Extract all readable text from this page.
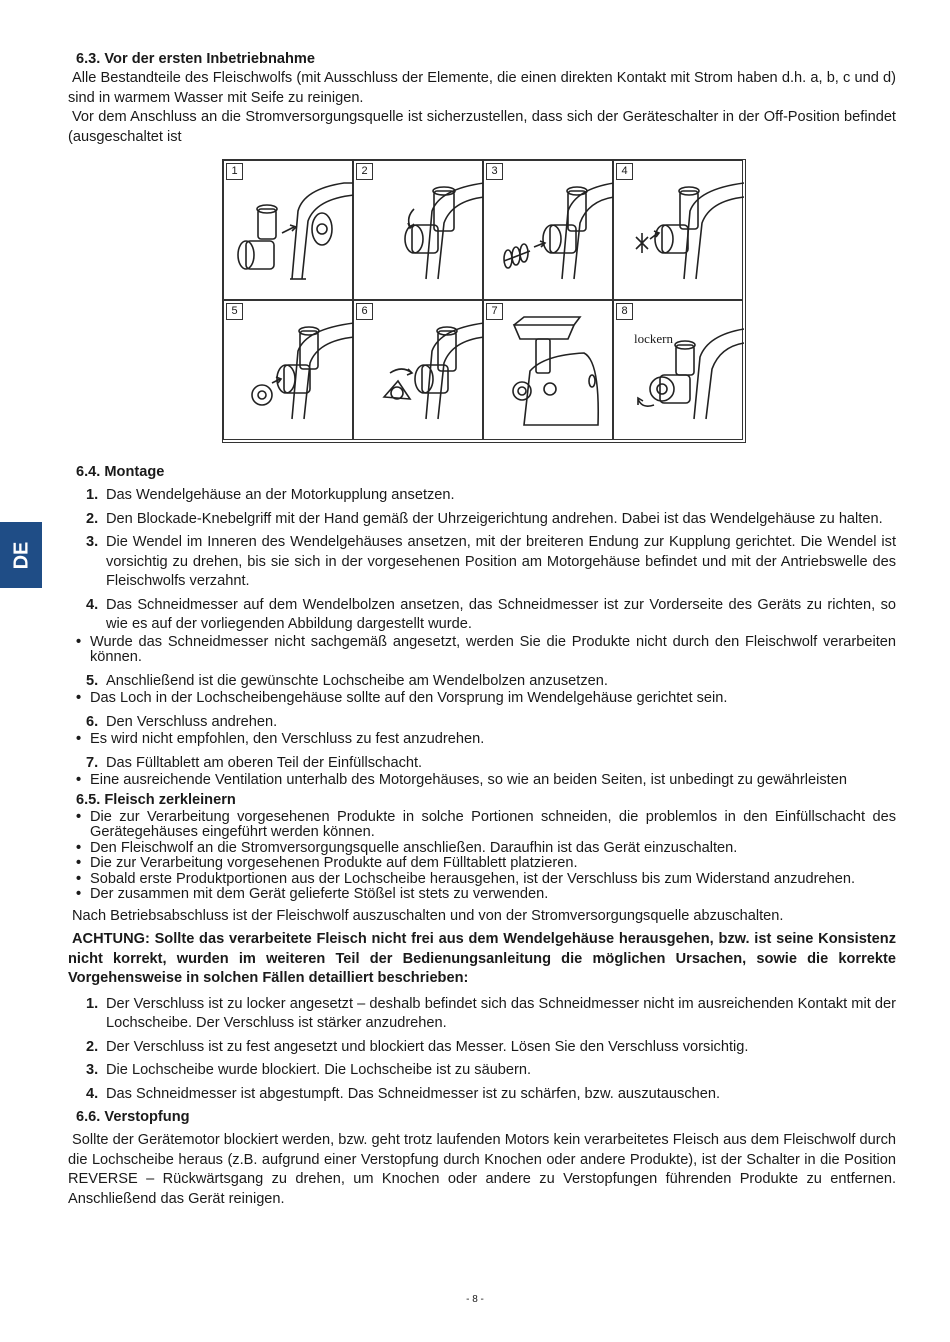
DE
6.3. Vor der ersten Inbetriebnahme

Alle Bestandteile des Fleischwolfs (mit Ausschluss der Elemente, die einen direkten Kontakt mit Strom haben d.h. a, b, c und d) sind in warmem Wasser mit Seife zu reinigen.

Vor dem Anschluss an die Stromversorgungsquelle ist sicherzustellen, dass sich der Geräteschalter in der Off-Position befindet (ausgeschaltet ist

1	2	3	4
5	6	7	8
lockern
6.4. Montage
1. Das Wendelgehäuse an der Motorkupplung ansetzen.
2. Den Blockade-Knebelgriff mit der Hand gemäß der Uhrzeigerichtung andrehen. Dabei ist das Wendelgehäuse zu halten.
3. Die Wendel im Inneren des Wendelgehäuses ansetzen, mit der breiteren Endung zur Kupplung gerichtet. Die Wendel ist vorsichtig zu drehen, bis sie sich in der vorgesehenen Position am Motorgehäuse befindet und mit der Antriebswelle des Fleischwolfs verzahnt.
4. Das Schneidmesser auf dem Wendelbolzen ansetzen, das Schneidmesser ist zur Vorderseite des Geräts zu richten, so wie es auf der vorliegenden Abbildung dargestellt wurde.
• Wurde das Schneidmesser nicht sachgemäß angesetzt, werden Sie die Produkte nicht durch den Fleischwolf verarbeiten können.
5. Anschließend ist die gewünschte Lochscheibe am Wendelbolzen anzusetzen.
• Das Loch in der Lochscheibengehäuse sollte auf den Vorsprung im Wendelgehäuse gerichtet sein.
6. Den Verschluss andrehen.
• Es wird nicht empfohlen, den Verschluss zu fest anzudrehen.
7. Das Fülltablett am oberen Teil der Einfüllschacht.
• Eine ausreichende Ventilation unterhalb des Motorgehäuses, so wie an beiden Seiten, ist unbedingt zu gewährleisten
6.5. Fleisch zerkleinern
• Die zur Verarbeitung vorgesehenen Produkte in solche Portionen schneiden, die problemlos in den Einfüllschacht des Gerätegehäuses eingeführt werden können.
• Den Fleischwolf an die Stromversorgungsquelle anschließen. Daraufhin ist das Gerät einzuschalten.
• Die zur Verarbeitung vorgesehenen Produkte auf dem Fülltablett platzieren.
• Sobald erste Produktportionen aus der Lochscheibe herausgehen, ist der Verschluss bis zum Widerstand anzudrehen.
• Der zusammen mit dem Gerät gelieferte Stößel ist stets zu verwenden.

Nach Betriebsabschluss ist der Fleischwolf auszuschalten und von der Stromversorgungsquelle abzuschalten.

ACHTUNG: Sollte das verarbeitete Fleisch nicht frei aus dem Wendelgehäuse herausgehen, bzw. ist seine Konsistenz nicht korrekt, wurden im weiteren Teil der Bedienungsanleitung die möglichen Ursachen, sowie die korrekte Vorgehensweise in solchen Fällen detailliert beschrieben:

1. Der Verschluss ist zu locker angesetzt – deshalb befindet sich das Schneidmesser nicht im ausreichenden Kontakt mit der Lochscheibe. Der Verschluss ist stärker anzudrehen.
2. Der Verschluss ist zu fest angesetzt und blockiert das Messer. Lösen Sie den Verschluss vorsichtig.
3. Die Lochscheibe wurde blockiert. Die Lochscheibe ist zu säubern.
4. Das Schneidmesser ist abgestumpft. Das Schneidmesser ist zu schärfen, bzw. auszutauschen.
6.6. Verstopfung

Sollte der Gerätemotor blockiert werden, bzw. geht trotz laufenden Motors kein verarbeitetes Fleisch aus dem Fleischwolf durch die Lochscheibe heraus (z.B. aufgrund einer Verstopfung durch Knochen oder andere Produkte), ist der Schalter in die Position REVERSE – Rückwärtsgang zu drehen, um Knochen oder andere zu Verstopfungen führenden Produkte zu entfernen. Anschließend das Gerät reinigen.

- 8 -
